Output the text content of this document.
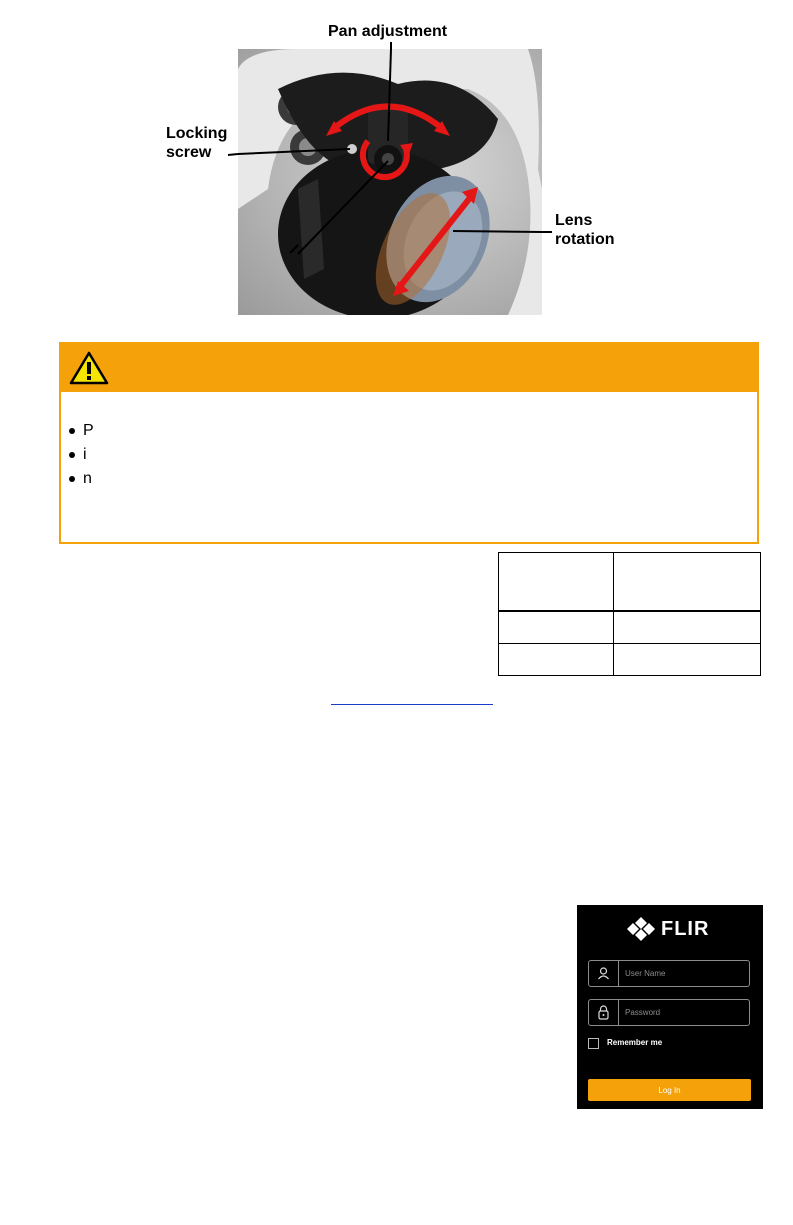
Pan adjustment
Locking
screw
Lens
rotation
P
i
n

FLIR
User Name
Remember me
Log In
